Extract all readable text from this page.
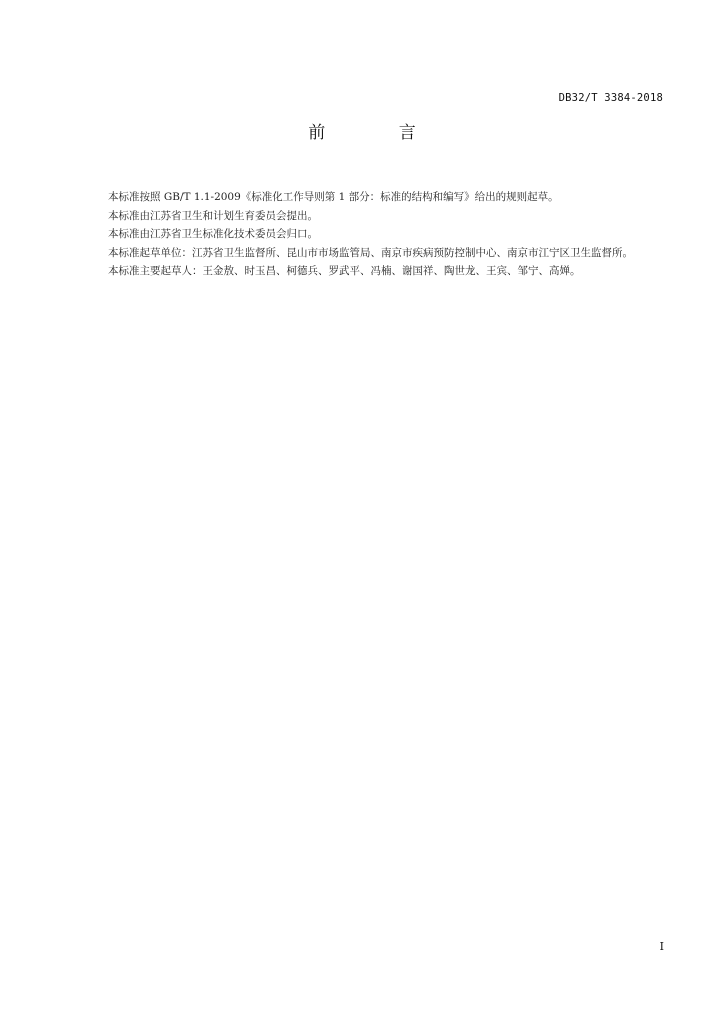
DB32/T 3384-2018
前 言

本标准按照 GB/T 1.1-2009《标准化工作导则第 1 部分：标准的结构和编写》给出的规则起草。

本标准由江苏省卫生和计划生育委员会提出。

本标准由江苏省卫生标准化技术委员会归口。

本标准起草单位：江苏省卫生监督所、昆山市市场监管局、南京市疾病预防控制中心、南京市江宁区卫生监督所。

本标准主要起草人：王金敖、时玉昌、柯德兵、罗武平、冯楠、谢国祥、陶世龙、王宾、邹宁、高婵。

I
